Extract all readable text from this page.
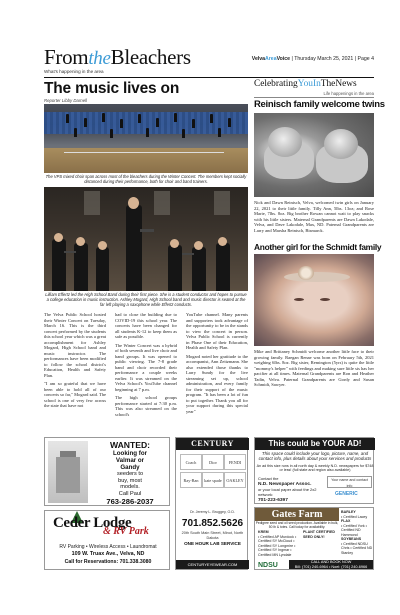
FromtheBleachers
What's happening in the area
VelvaAreaVoice | Thursday March 25, 2021 | Page 4
The music lives on
Reporter Libby Darnell
The VPS mixed choir span across most of the bleachers during the Winter Concert. The members kept socially distanced during their performance, both for choir and band trainers.
Lilliam Effertz led the High School Band during their first piece. She is a student conductor and hopes to pursue a college education in music instruction. Ashley Mogard, High School band and music director is seated at the far left playing a saxophone while Effertz conducts.

The Velva Public School hosted their Winter Concert on Tuesday, March 16. This is the third concert performed by the students this school year which was a great accomplishment for Ashley Mogard, High School band and music instructor. The performances have been modified to follow the school district's Education, Health and Safety Plan.

"I am so grateful that we have been able to hold all of our concerts so far," Mogard said. The school is one of very few across the state that have not

had to close the building due to COVID-19 this school year. The concerts have been changed for all students K-12 to keep them as safe as possible.

The Winter Concert was a hybrid of both seventh and live choir and band groups. It was opened to public viewing. The 7-8 grade band and choir recorded their performance a couple weeks earlier. It was streamed on the Velva School's YouTube channel beginning at 7 p.m.

The high school groups performance started at 7:30 p.m. This was also streamed on the school's

YouTube channel. Many parents and supporters took advantage of the opportunity to be in the stands to view the concert in person. Velva Public School is currently in Phase One of their Education, Health and Safety Plan.

Mogard noted her gratitude to the accompanist, Ann Zeitzmann. She also extended those thanks to Larry Sundy for the live streaming set up, school administration, and every family for their support of the music program. "It has been a lot of fun to put together. Thank you all for your support during this special year"

CelebratingYouInTheNews
Life happenings in the area
Reinisch family welcome twins
Nick and Dawn Reinisch, Velva, welcomed twin girls on January 22, 2021 to their little family. Tilly Ann, 5lbs. 13oz; and Rose Marie, 7lbs. 8oz. Big brother Rowan cannot wait to play snacks with his little sisters. Maternal Grandparents are Dawn Lakodale, Velva, and Dave Lakodale, Max, ND. Paternal Grandparents are Larry and Marsha Reinisch, Bismarck.
Another girl for the Schmidt family
Mike and Brittaney Schmidt welcome another little face to their growing family. Raegan Renae was born on February 5th, 2021 weighing 6lbs. 8oz. Big sister, Remington (5yrs) is quite the little "mommy's helper" with feedings and making sure little sis has her pacifier at all times. Maternal Grandparents are Ron and Heather Tadin, Velva. Paternal Grandparents are Gordy and Susan Schmidt, Sawyer.
WANTED:
Looking for
Valmar or
Gandy
seeders to
buy, most
models.
Call Paul
763-286-2037
Ceder Lodge
& RV Park
RV Parking • Wireless Access • Laundromat
109 W. Truax Ave., Velva, ND
Call for Reservations: 701.338.3080
CENTURY
Coach	Dior	FENDI
Ray-Ban	kate spade	OAKLEY
Dr. Jeremy L. Bruggey, O.D.
701.852.5626
20th South Main Street, Minot, North Dakota
ONE HOUR LAB SERVICE
CENTURYEYEWEAR.COM
This could be YOUR AD!
This space could include your logo, picture, name, and contact info, plus details about your services and products
An ad this size runs in all north day & weekly N.D. newspapers for $748 or less! (full state and region also available)
Contact the
N.D. Newspaper Assoc.
or your local paper about the 2x2 network:
701-223-6397
Your name and contact info
GENERIC
Gates Farm
Pedigree seed and oil seed production. Available in bulk, 50 lb & totes. Call today for availability.
KREM
• Certified AP Murdock • Certified SY McCloud • Certified SY Longmire • Certified SY Ingmar • Certified MN Lyndale
PLANT CERTIFIED SEED ONLY!
BARLEY
• Certified Lacey
FLAX
• Certified York • Certified ND Hammond
SOYBEANS
• Certified NDSU Chris • Certified ND Stanley
NDSU	CALL AND BOOK NOW
Bill: (701) 240-6964 • Noel: (701) 240-6966
